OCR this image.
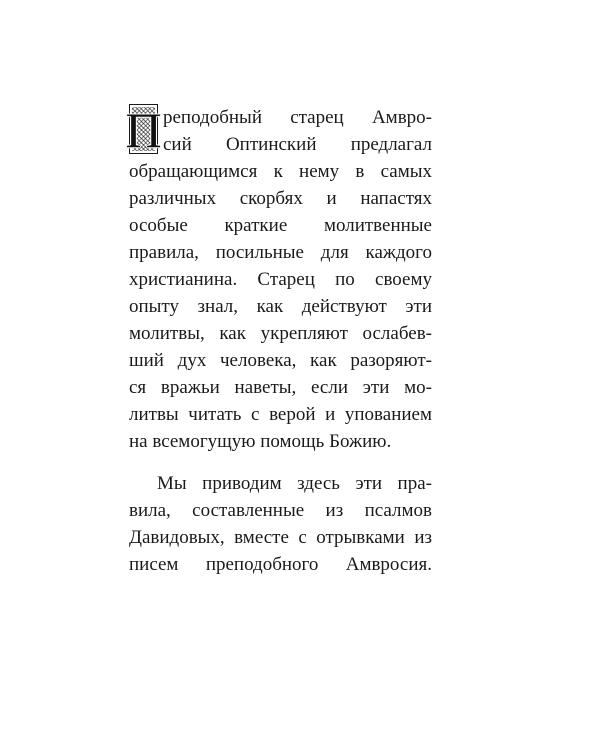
П реподобный старец Амвро-
сий Оптинский предлагал
обращающимся к нему в самых
различных скорбях и напастях
особые краткие молитвенные
правила, посильные для каждого
христианина. Старец по своему
опыту знал, как действуют эти
молитвы, как укрепляют ослабев-
ший дух человека, как разоряют-
ся вражьи наветы, если эти мо-
литвы читать с верой и упованием
на всемогущую помощь Божию.
Мы приводим здесь эти пра-
вила, составленные из псалмов
Давидовых, вместе с отрывками из
писем преподобного Амвросия.
